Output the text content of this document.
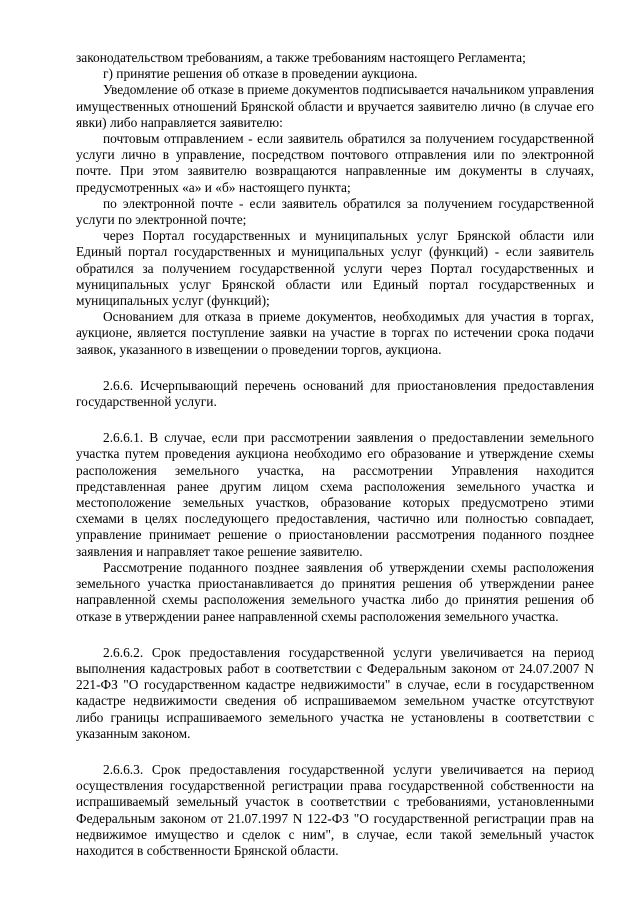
законодательством требованиям, а также требованиям настоящего Регламента;

г) принятие решения об отказе в проведении аукциона.

Уведомление об отказе в приеме документов подписывается начальником управления имущественных отношений Брянской области и вручается заявителю лично (в случае его явки) либо направляется заявителю:

почтовым отправлением - если заявитель обратился за получением государственной услуги лично в управление, посредством почтового отправления или по электронной почте. При этом заявителю возвращаются направленные им документы в случаях, предусмотренных «а» и «б» настоящего пункта;

по электронной почте - если заявитель обратился за получением государственной услуги по электронной почте;

через Портал государственных и муниципальных услуг Брянской области или Единый портал государственных и муниципальных услуг (функций) - если заявитель обратился за получением государственной услуги через Портал государственных и муниципальных услуг Брянской области или Единый портал государственных и муниципальных услуг (функций);

Основанием для отказа в приеме документов, необходимых для участия в торгах, аукционе, является поступление заявки на участие в торгах по истечении срока подачи заявок, указанного в извещении о проведении торгов, аукциона.

2.6.6. Исчерпывающий перечень оснований для приостановления предоставления государственной услуги.

2.6.6.1. В случае, если при рассмотрении заявления о предоставлении земельного участка путем проведения аукциона необходимо его образование и утверждение схемы расположения земельного участка, на рассмотрении Управления находится представленная ранее другим лицом схема расположения земельного участка и местоположение земельных участков, образование которых предусмотрено этими схемами в целях последующего предоставления, частично или полностью совпадает, управление принимает решение о приостановлении рассмотрения поданного позднее заявления и направляет такое решение заявителю.

Рассмотрение поданного позднее заявления об утверждении схемы расположения земельного участка приостанавливается до принятия решения об утверждении ранее направленной схемы расположения земельного участка либо до принятия решения об отказе в утверждении ранее направленной схемы расположения земельного участка.

2.6.6.2. Срок предоставления государственной услуги увеличивается на период выполнения кадастровых работ в соответствии с Федеральным законом от 24.07.2007 N 221-ФЗ "О государственном кадастре недвижимости" в случае, если в государственном кадастре недвижимости сведения об испрашиваемом земельном участке отсутствуют либо границы испрашиваемого земельного участка не установлены в соответствии с указанным законом.

2.6.6.3. Срок предоставления государственной услуги увеличивается на период осуществления государственной регистрации права государственной собственности на испрашиваемый земельный участок в соответствии с требованиями, установленными Федеральным законом от 21.07.1997 N 122-ФЗ "О государственной регистрации прав на недвижимое имущество и сделок с ним", в случае, если такой земельный участок находится в собственности Брянской области.
